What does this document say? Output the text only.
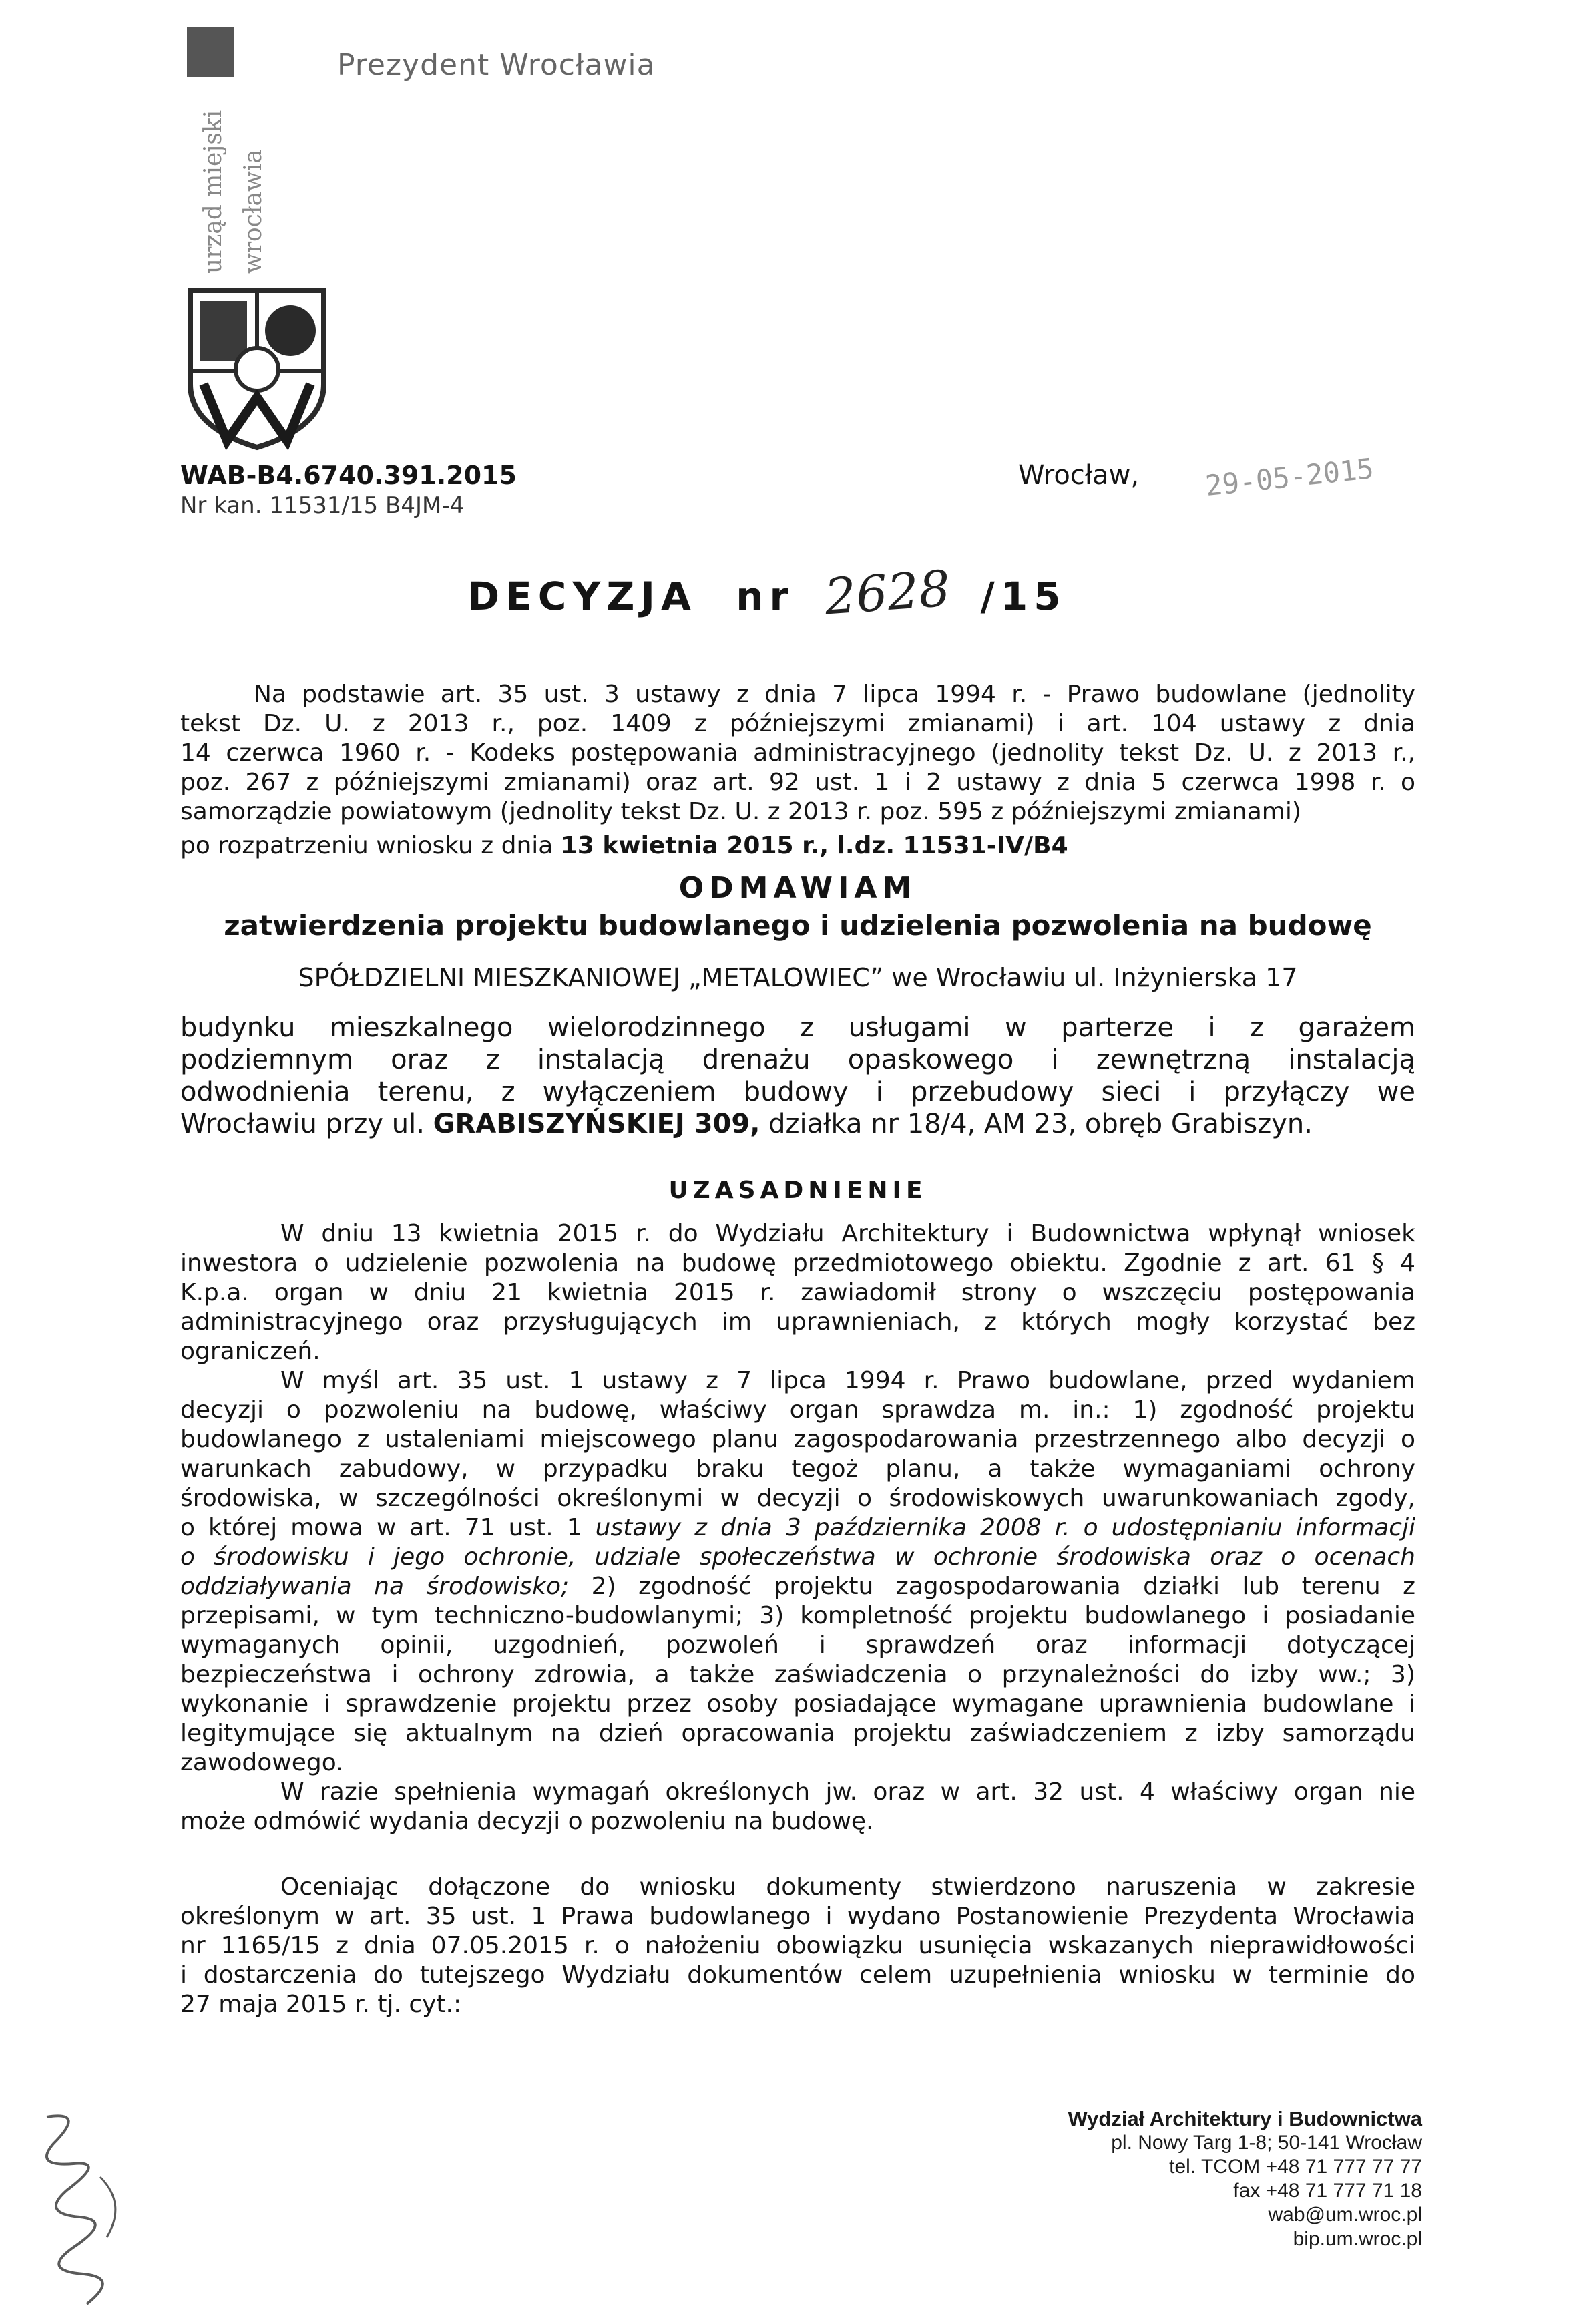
urząd miejski wrocławia
Prezydent Wrocławia
WAB-B4.6740.391.2015
Nr kan. 11531/15 B4JM-4
Wrocław, 29-05-2015
DECYZJA  nr 2628 /15
Na podstawie art. 35 ust. 3 ustawy z dnia 7 lipca 1994 r. - Prawo budowlane (jednolity
tekst Dz. U. z 2013 r., poz. 1409 z późniejszymi zmianami) i art. 104 ustawy z dnia
14 czerwca 1960 r. - Kodeks postępowania administracyjnego (jednolity tekst Dz. U. z 2013 r.,
poz. 267 z późniejszymi zmianami) oraz art. 92 ust. 1 i 2 ustawy z dnia 5 czerwca 1998 r. o
samorządzie powiatowym (jednolity tekst Dz. U. z 2013 r. poz. 595 z późniejszymi zmianami)
po rozpatrzeniu wniosku z dnia 13 kwietnia 2015 r., l.dz. 11531-IV/B4
ODMAWIAM
zatwierdzenia projektu budowlanego i udzielenia pozwolenia na budowę
SPÓŁDZIELNI MIESZKANIOWEJ „METALOWIEC” we Wrocławiu ul. Inżynierska 17
budynku mieszkalnego wielorodzinnego z usługami w parterze i z garażem
podziemnym oraz z instalacją drenażu opaskowego i zewnętrzną instalacją
odwodnienia terenu, z wyłączeniem budowy i przebudowy sieci i przyłączy we
Wrocławiu przy ul. GRABISZYŃSKIEJ 309, działka nr 18/4, AM 23, obręb Grabiszyn.
UZASADNIENIE
W dniu 13 kwietnia 2015 r. do Wydziału Architektury i Budownictwa wpłynął wniosek
inwestora o udzielenie pozwolenia na budowę przedmiotowego obiektu. Zgodnie z art. 61 § 4
K.p.a. organ w dniu 21 kwietnia 2015 r. zawiadomił strony o wszczęciu postępowania
administracyjnego oraz przysługujących im uprawnieniach, z których mogły korzystać bez
ograniczeń.
W myśl art. 35 ust. 1 ustawy z 7 lipca 1994 r. Prawo budowlane, przed wydaniem
decyzji o pozwoleniu na budowę, właściwy organ sprawdza m. in.: 1) zgodność projektu
budowlanego z ustaleniami miejscowego planu zagospodarowania przestrzennego albo decyzji o
warunkach zabudowy, w przypadku braku tegoż planu, a także wymaganiami ochrony
środowiska, w szczególności określonymi w decyzji o środowiskowych uwarunkowaniach zgody,
o której mowa w art. 71 ust. 1 ustawy z dnia 3 października 2008 r. o udostępnianiu informacji
o środowisku i jego ochronie, udziale społeczeństwa w ochronie środowiska oraz o ocenach
oddziaływania na środowisko; 2) zgodność projektu zagospodarowania działki lub terenu z
przepisami, w tym techniczno-budowlanymi; 3) kompletność projektu budowlanego i posiadanie
wymaganych opinii, uzgodnień, pozwoleń i sprawdzeń oraz informacji dotyczącej
bezpieczeństwa i ochrony zdrowia, a także zaświadczenia o przynależności do izby ww.; 3)
wykonanie i sprawdzenie projektu przez osoby posiadające wymagane uprawnienia budowlane i
legitymujące się aktualnym na dzień opracowania projektu zaświadczeniem z izby samorządu
zawodowego.
W razie spełnienia wymagań określonych jw. oraz w art. 32 ust. 4 właściwy organ nie
może odmówić wydania decyzji o pozwoleniu na budowę.
Oceniając dołączone do wniosku dokumenty stwierdzono naruszenia w zakresie
określonym w art. 35 ust. 1 Prawa budowlanego i wydano Postanowienie Prezydenta Wrocławia
nr 1165/15 z dnia 07.05.2015 r. o nałożeniu obowiązku usunięcia wskazanych nieprawidłowości
i dostarczenia do tutejszego Wydziału dokumentów celem uzupełnienia wniosku w terminie do
27 maja 2015 r. tj. cyt.:
Wydział Architektury i Budownictwa
pl. Nowy Targ 1-8; 50-141 Wrocław
tel. TCOM +48 71 777 77 77
fax +48 71 777 71 18
wab@um.wroc.pl
bip.um.wroc.pl
